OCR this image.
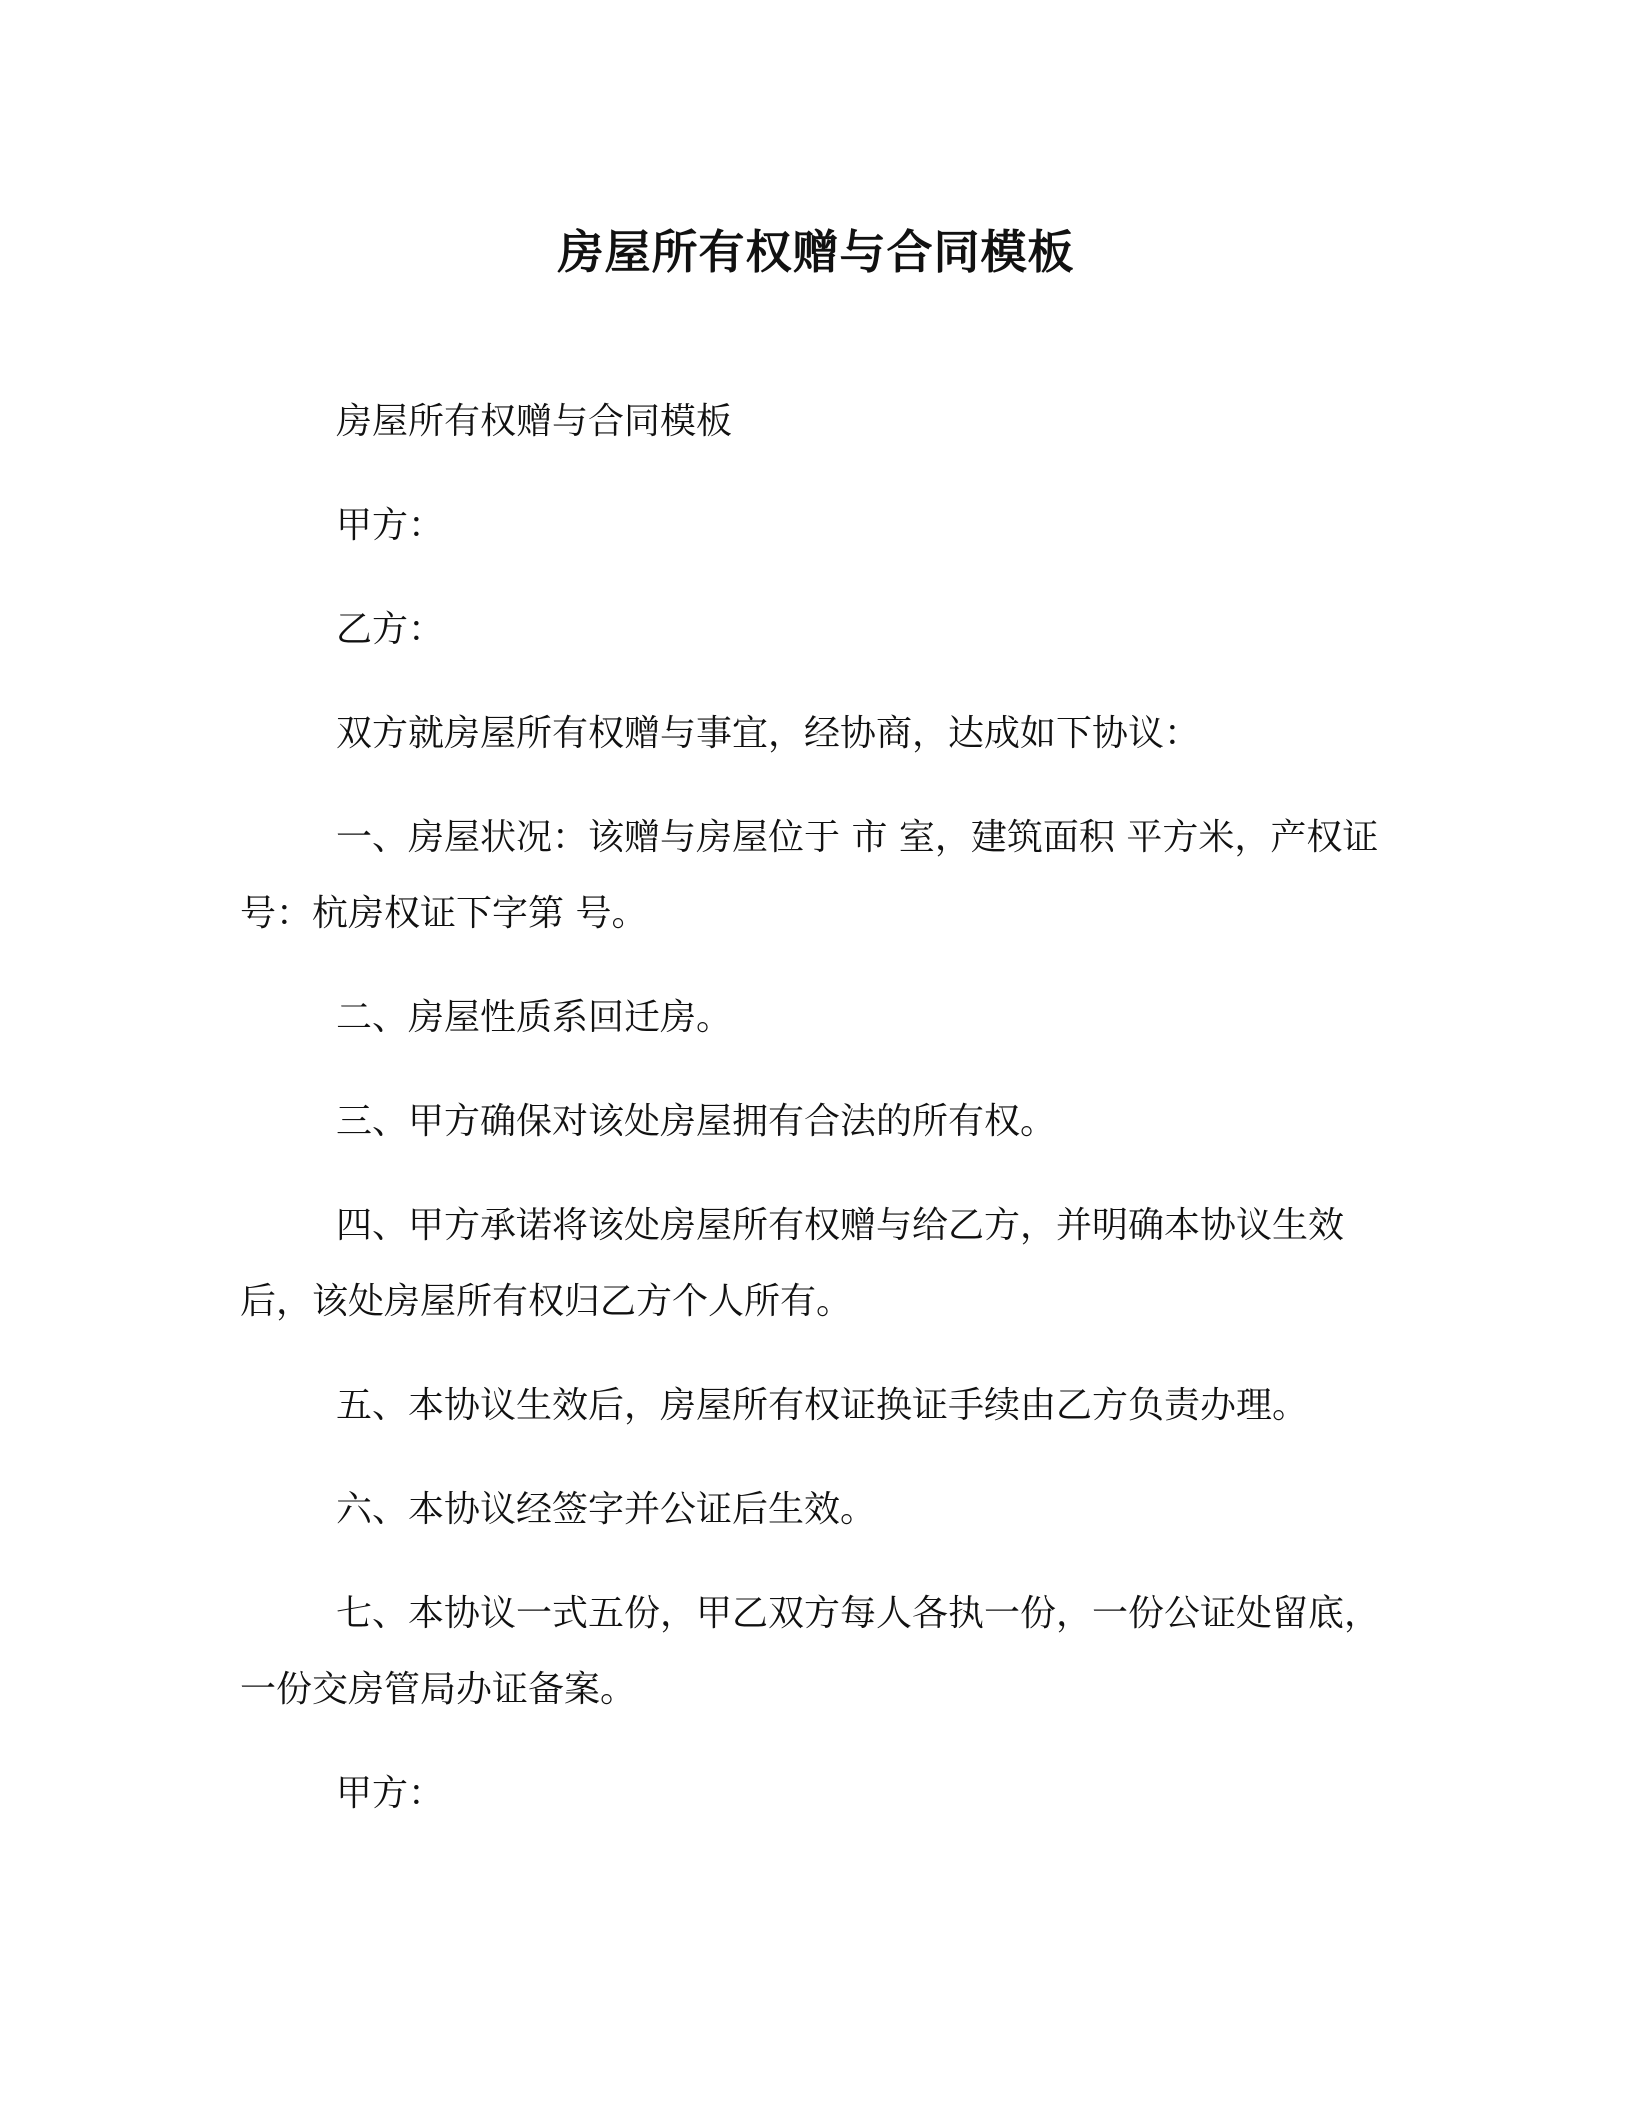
房屋所有权赠与合同模板

房屋所有权赠与合同模板

甲方：

乙方：

双方就房屋所有权赠与事宜，经协商，达成如下协议：

一、房屋状况：该赠与房屋位于 市 室，建筑面积 平方米，产权证号：杭房权证下字第 号。

二、房屋性质系回迁房。

三、甲方确保对该处房屋拥有合法的所有权。

四、甲方承诺将该处房屋所有权赠与给乙方，并明确本协议生效后，该处房屋所有权归乙方个人所有。

五、本协议生效后，房屋所有权证换证手续由乙方负责办理。

六、本协议经签字并公证后生效。

七、本协议一式五份，甲乙双方每人各执一份，一份公证处留底，一份交房管局办证备案。

甲方：
